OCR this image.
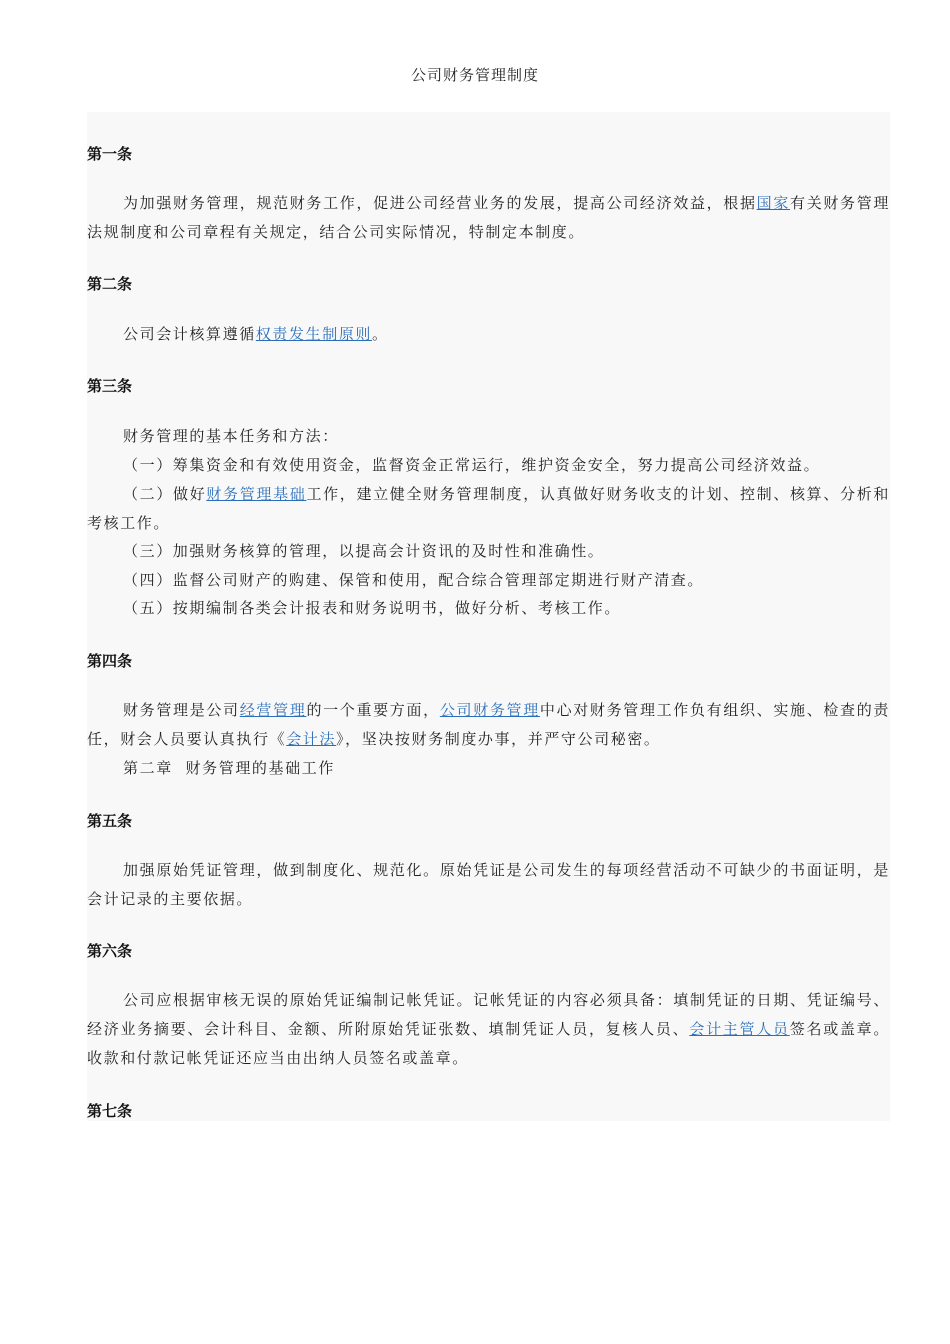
公司财务管理制度
第一条

为加强财务管理，规范财务工作，促进公司经营业务的发展，提高公司经济效益，根据国家有关财务管理法规制度和公司章程有关规定，结合公司实际情况，特制定本制度。

第二条

公司会计核算遵循权责发生制原则。

第三条
财务管理的基本任务和方法：
（一）筹集资金和有效使用资金，监督资金正常运行，维护资金安全，努力提高公司经济效益。

（二）做好财务管理基础工作，建立健全财务管理制度，认真做好财务收支的计划、控制、核算、分析和考核工作。

（三）加强财务核算的管理，以提高会计资讯的及时性和准确性。
（四）监督公司财产的购建、保管和使用，配合综合管理部定期进行财产清查。
（五）按期编制各类会计报表和财务说明书，做好分析、考核工作。
第四条

财务管理是公司经营管理的一个重要方面，公司财务管理中心对财务管理工作负有组织、实施、检查的责任，财会人员要认真执行《会计法》，坚决按财务制度办事，并严守公司秘密。

第二章  财务管理的基础工作
第五条

加强原始凭证管理，做到制度化、规范化。原始凭证是公司发生的每项经营活动不可缺少的书面证明，是会计记录的主要依据。

第六条

公司应根据审核无误的原始凭证编制记帐凭证。记帐凭证的内容必须具备：填制凭证的日期、凭证编号、经济业务摘要、会计科目、金额、所附原始凭证张数、填制凭证人员，复核人员、会计主管人员签名或盖章。收款和付款记帐凭证还应当由出纳人员签名或盖章。

第七条
